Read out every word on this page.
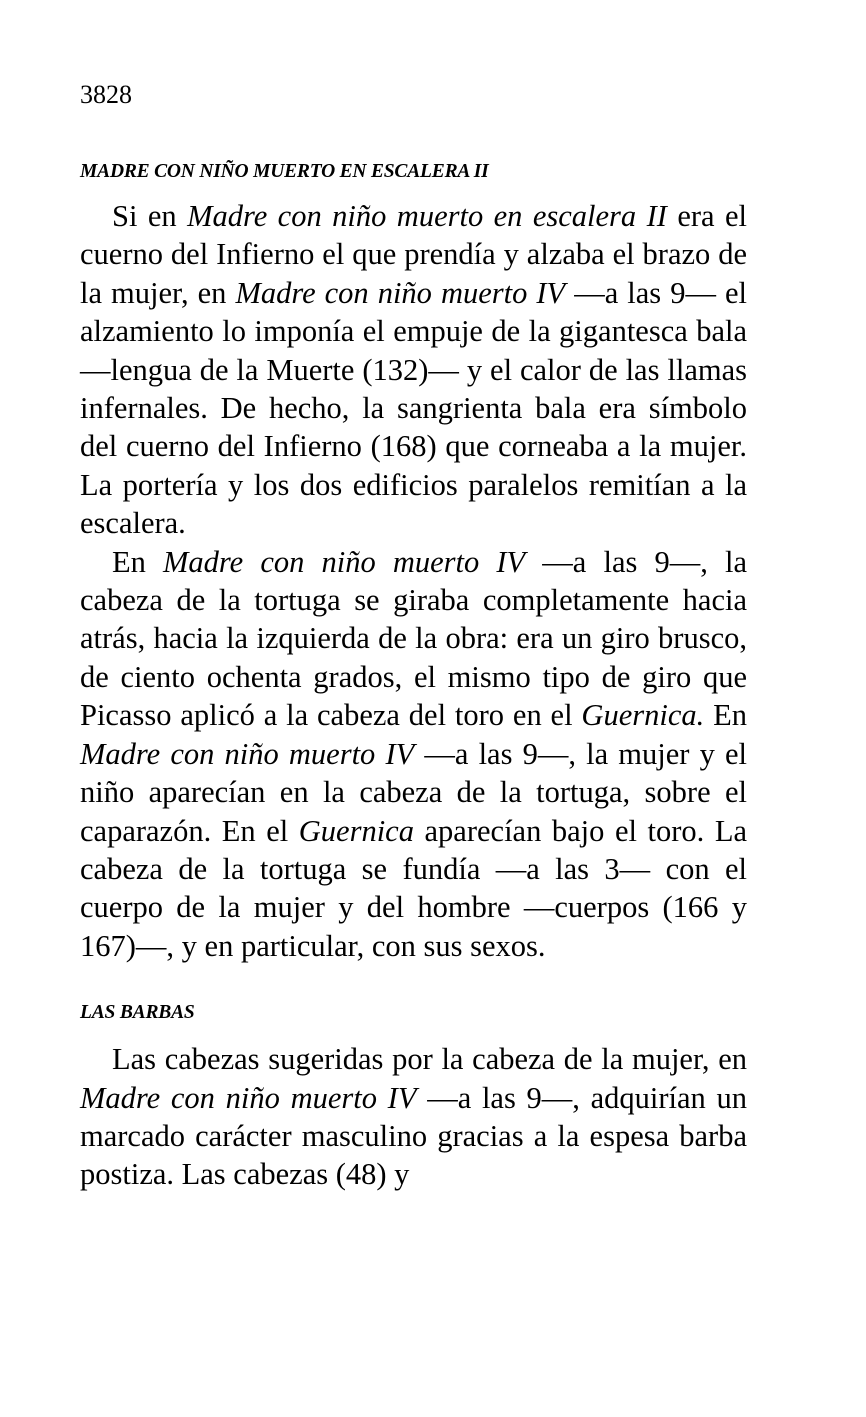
3828
MADRE CON NIÑO MUERTO EN ESCALERA II

Si en Madre con niño muerto en escalera II era el cuerno del Infierno el que prendía y alzaba el brazo de la mujer, en Madre con niño muerto IV —a las 9— el alzamiento lo imponía el empuje de la gigantesca bala —lengua de la Muerte (132)— y el calor de las llamas infernales. De hecho, la sangrienta bala era símbolo del cuerno del Infierno (168) que corneaba a la mujer. La portería y los dos edificios paralelos remitían a la escalera.

En Madre con niño muerto IV —a las 9—, la cabeza de la tortuga se giraba completamente hacia atrás, hacia la izquierda de la obra: era un giro brusco, de ciento ochenta grados, el mismo tipo de giro que Picasso aplicó a la cabeza del toro en el Guernica. En Madre con niño muerto IV —a las 9—, la mujer y el niño aparecían en la cabeza de la tortuga, sobre el caparazón. En el Guernica aparecían bajo el toro. La cabeza de la tortuga se fundía —a las 3— con el cuerpo de la mujer y del hombre —cuerpos (166 y 167)—, y en particular, con sus sexos.

LAS BARBAS

Las cabezas sugeridas por la cabeza de la mujer, en Madre con niño muerto IV —a las 9—, adquirían un marcado carácter masculino gracias a la espesa barba postiza. Las cabezas (48) y
